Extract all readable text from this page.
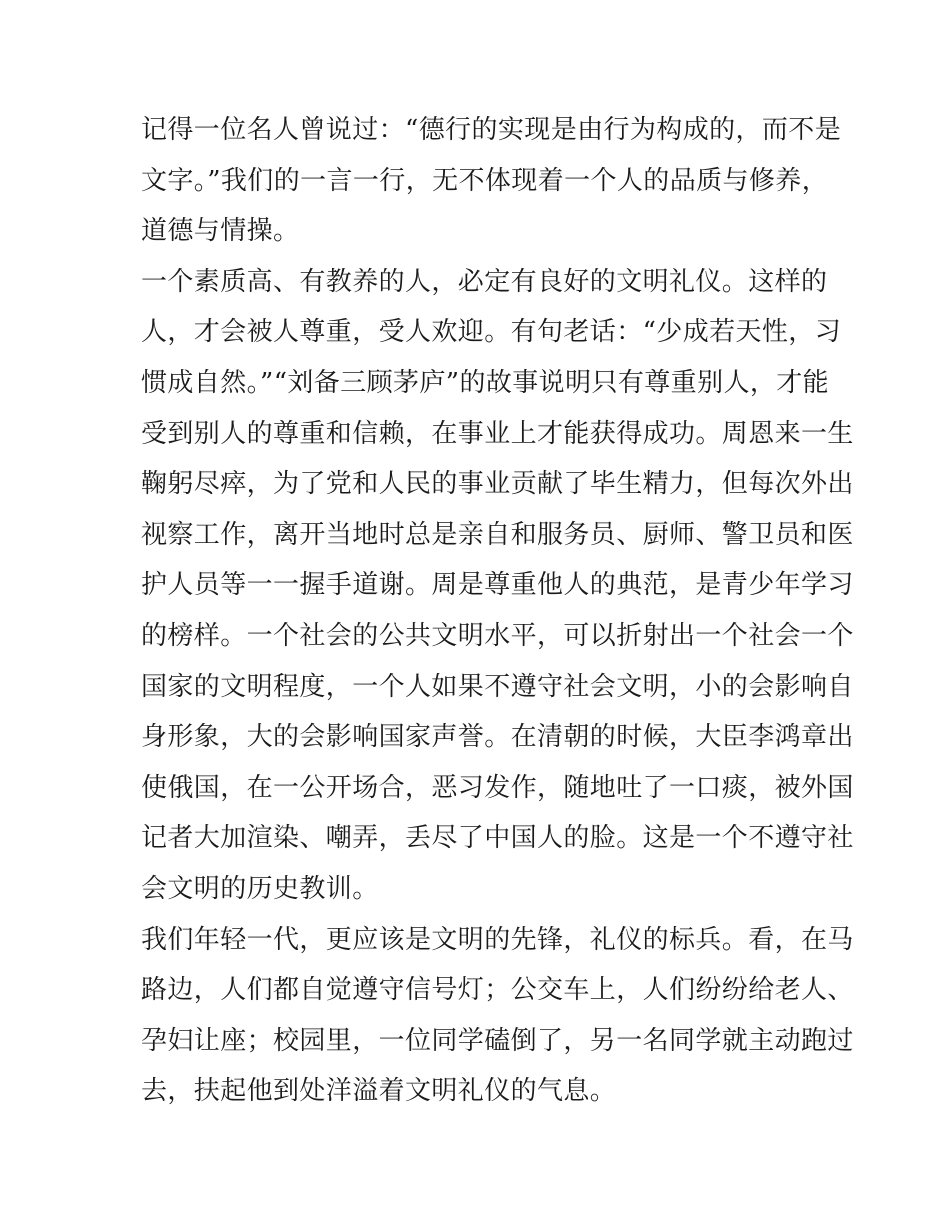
记得一位名人曾说过：“德行的实现是由行为构成的，而不是
文字。”我们的一言一行，无不体现着一个人的品质与修养，
道德与情操。
一个素质高、有教养的人，必定有良好的文明礼仪。这样的
人，才会被人尊重，受人欢迎。有句老话：“少成若天性，习
惯成自然。”“刘备三顾茅庐”的故事说明只有尊重别人，才能
受到别人的尊重和信赖，在事业上才能获得成功。周恩来一生
鞠躬尽瘁，为了党和人民的事业贡献了毕生精力，但每次外出
视察工作，离开当地时总是亲自和服务员、厨师、警卫员和医
护人员等一一握手道谢。周是尊重他人的典范，是青少年学习
的榜样。一个社会的公共文明水平，可以折射出一个社会一个
国家的文明程度，一个人如果不遵守社会文明，小的会影响自
身形象，大的会影响国家声誉。在清朝的时候，大臣李鸿章出
使俄国，在一公开场合，恶习发作，随地吐了一口痰，被外国
记者大加渲染、嘲弄，丢尽了中国人的脸。这是一个不遵守社
会文明的历史教训。
我们年轻一代，更应该是文明的先锋，礼仪的标兵。看，在马
路边，人们都自觉遵守信号灯；公交车上，人们纷纷给老人、
孕妇让座；校园里，一位同学磕倒了，另一名同学就主动跑过
去，扶起他到处洋溢着文明礼仪的气息。
